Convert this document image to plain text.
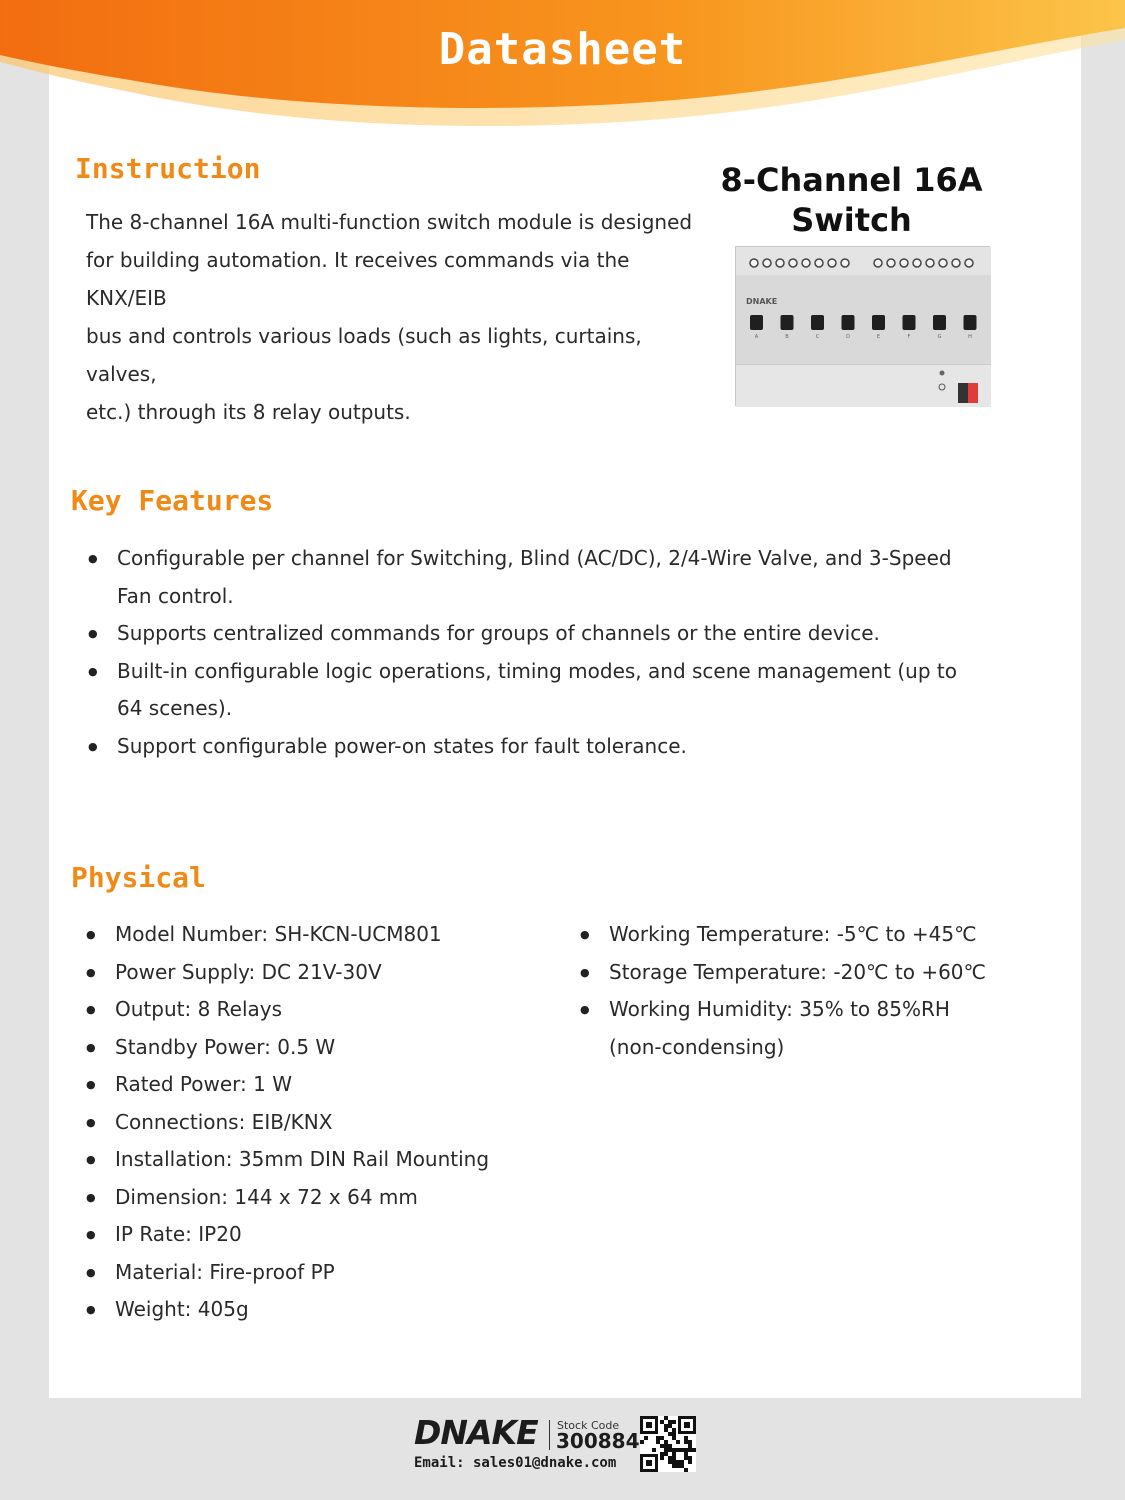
Datasheet
Instruction
The 8-channel 16A multi-function switch module is designed
for building automation. It receives commands via the KNX/EIB
bus and controls various loads (such as lights, curtains, valves,
etc.) through its 8 relay outputs.
8-Channel 16A Switch
DNAKE
A	B	C	D	E	F	G	H
Key Features
● Configurable per channel for Switching, Blind (AC/DC), 2/4-Wire Valve, and 3-Speed Fan control.
● Supports centralized commands for groups of channels or the entire device.
● Built-in configurable logic operations, timing modes, and scene management (up to 64 scenes).
● Support configurable power-on states for fault tolerance.
Physical
● Model Number: SH-KCN-UCM801
● Power Supply: DC 21V-30V
● Output: 8 Relays
● Standby Power: 0.5 W
● Rated Power: 1 W
● Connections: EIB/KNX
● Installation: 35mm DIN Rail Mounting
● Dimension: 144 x 72 x 64 mm
● IP Rate: IP20
● Material: Fire-proof PP
● Weight: 405g
● Working Temperature: -5℃ to +45℃
● Storage Temperature: -20℃ to +60℃
● Working Humidity: 35% to 85%RH (non-condensing)
DNAKE Stock Code
300884
Email: sales01@dnake.com
